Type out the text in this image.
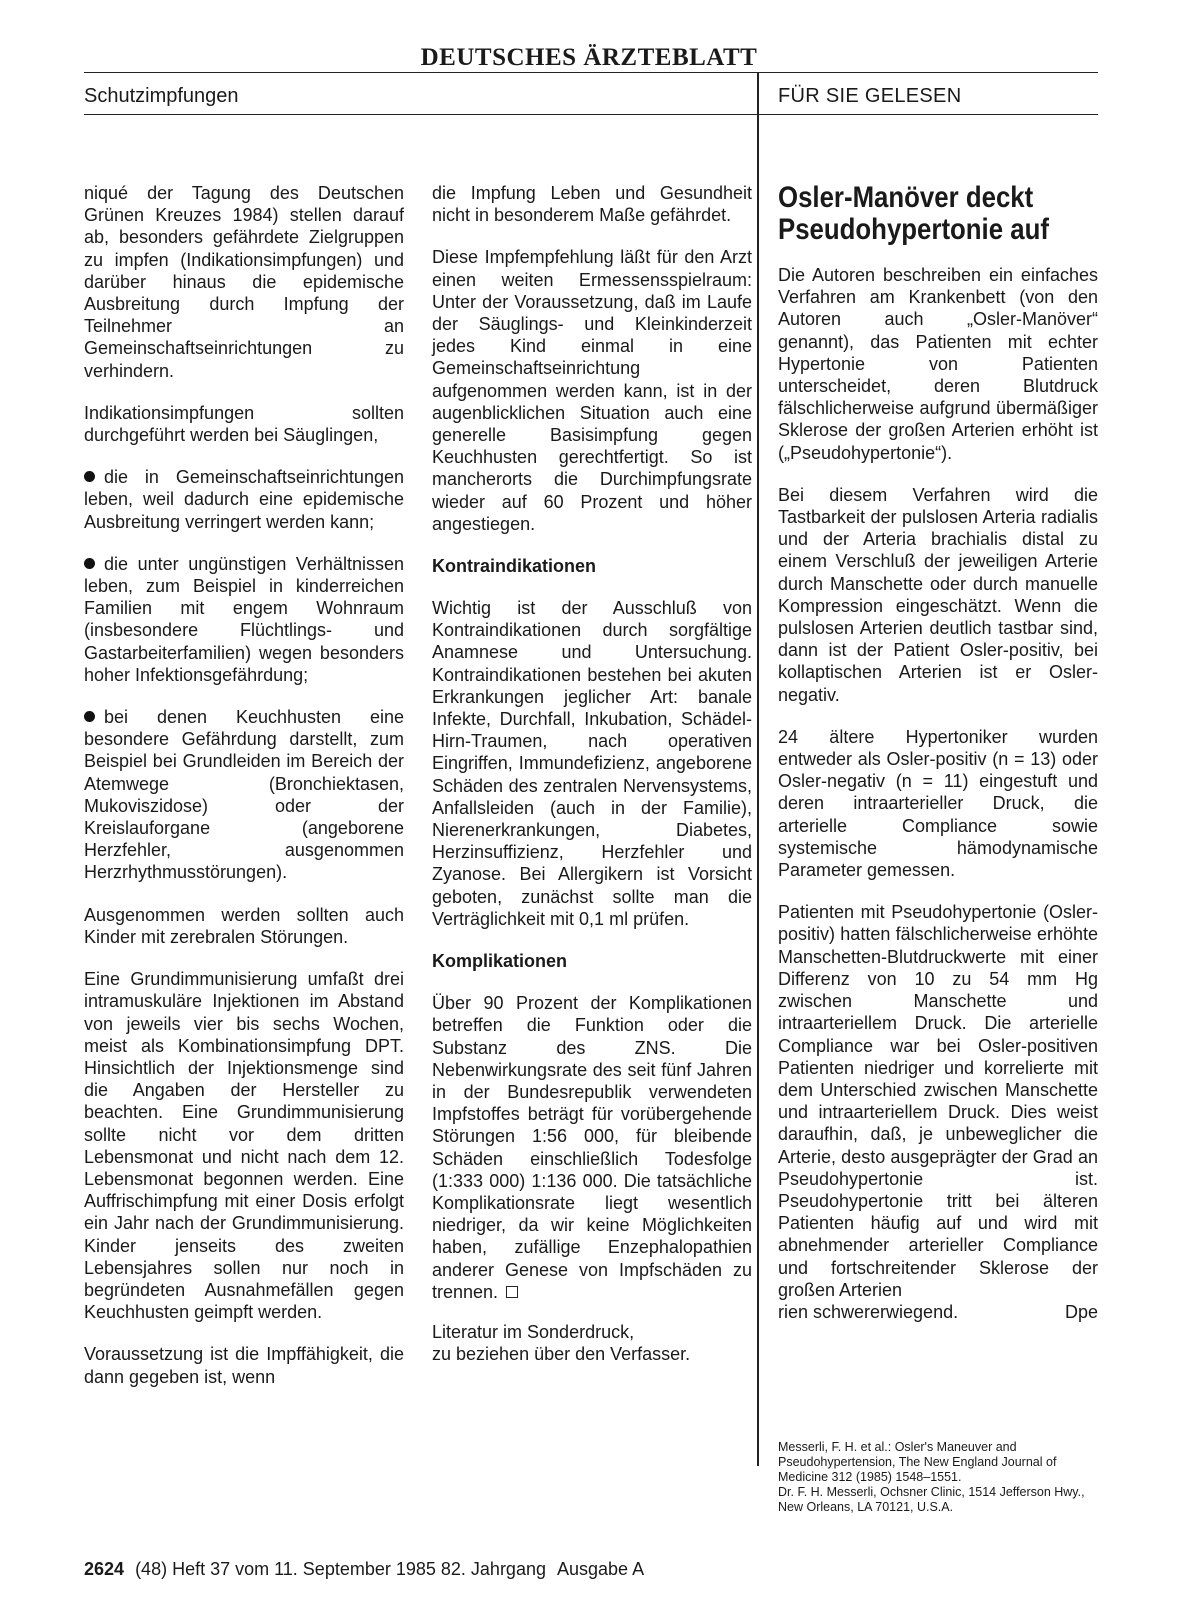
DEUTSCHES ÄRZTEBLATT
Schutzimpfungen	FÜR SIE GELESEN

niqué der Tagung des Deutschen Grünen Kreuzes 1984) stellen darauf ab, besonders gefährdete Zielgruppen zu impfen (Indikationsimpfungen) und darüber hinaus die epidemische Ausbreitung durch Impfung der Teilnehmer an Gemeinschaftseinrichtungen zu verhindern.

Indikationsimpfungen sollten durchgeführt werden bei Säuglingen,

die in Gemeinschaftseinrichtungen leben, weil dadurch eine epidemische Ausbreitung verringert werden kann;

die unter ungünstigen Verhältnissen leben, zum Beispiel in kinderreichen Familien mit engem Wohnraum (insbesondere Flüchtlings- und Gastarbeiterfamilien) wegen besonders hoher Infektionsgefährdung;

bei denen Keuchhusten eine besondere Gefährdung darstellt, zum Beispiel bei Grundleiden im Bereich der Atemwege (Bronchiektasen, Mukoviszidose) oder der Kreislauforgane (angeborene Herzfehler, ausgenommen Herzrhythmusstörungen).

Ausgenommen werden sollten auch Kinder mit zerebralen Störungen.

Eine Grundimmunisierung umfaßt drei intramuskuläre Injektionen im Abstand von jeweils vier bis sechs Wochen, meist als Kombinationsimpfung DPT. Hinsichtlich der Injektionsmenge sind die Angaben der Hersteller zu beachten. Eine Grundimmunisierung sollte nicht vor dem dritten Lebensmonat und nicht nach dem 12. Lebensmonat begonnen werden. Eine Auffrischimpfung mit einer Dosis erfolgt ein Jahr nach der Grundimmunisierung. Kinder jenseits des zweiten Lebensjahres sollen nur noch in begründeten Ausnahmefällen gegen Keuchhusten geimpft werden.

Voraussetzung ist die Impffähigkeit, die dann gegeben ist, wenn

die Impfung Leben und Gesundheit nicht in besonderem Maße gefährdet.

Diese Impfempfehlung läßt für den Arzt einen weiten Ermessensspielraum: Unter der Voraussetzung, daß im Laufe der Säuglings- und Kleinkinderzeit jedes Kind einmal in eine Gemeinschaftseinrichtung aufgenommen werden kann, ist in der augenblicklichen Situation auch eine generelle Basisimpfung gegen Keuchhusten gerechtfertigt. So ist mancherorts die Durchimpfungsrate wieder auf 60 Prozent und höher angestiegen.

Kontraindikationen

Wichtig ist der Ausschluß von Kontraindikationen durch sorgfältige Anamnese und Untersuchung. Kontraindikationen bestehen bei akuten Erkrankungen jeglicher Art: banale Infekte, Durchfall, Inkubation, Schädel-Hirn-Traumen, nach operativen Eingriffen, Immundefizienz, angeborene Schäden des zentralen Nervensystems, Anfallsleiden (auch in der Familie), Nierenerkrankungen, Diabetes, Herzinsuffizienz, Herzfehler und Zyanose. Bei Allergikern ist Vorsicht geboten, zunächst sollte man die Verträglichkeit mit 0,1 ml prüfen.

Komplikationen

Über 90 Prozent der Komplikationen betreffen die Funktion oder die Substanz des ZNS. Die Nebenwirkungsrate des seit fünf Jahren in der Bundesrepublik verwendeten Impfstoffes beträgt für vorübergehende Störungen 1:56 000, für bleibende Schäden einschließlich Todesfolge (1:333 000) 1:136 000. Die tatsächliche Komplikationsrate liegt wesentlich niedriger, da wir keine Möglichkeiten haben, zufällige Enzephalopathien anderer Genese von Impfschäden zu trennen.

Literatur im Sonderdruck,
zu beziehen über den Verfasser.
Osler-Manöver deckt
Pseudohypertonie auf

Die Autoren beschreiben ein einfaches Verfahren am Krankenbett (von den Autoren auch „Osler-Manöver“ genannt), das Patienten mit echter Hypertonie von Patienten unterscheidet, deren Blutdruck fälschlicherweise aufgrund übermäßiger Sklerose der großen Arterien erhöht ist („Pseudohypertonie“).

Bei diesem Verfahren wird die Tastbarkeit der pulslosen Arteria radialis und der Arteria brachialis distal zu einem Verschluß der jeweiligen Arterie durch Manschette oder durch manuelle Kompression eingeschätzt. Wenn die pulslosen Arterien deutlich tastbar sind, dann ist der Patient Osler-positiv, bei kollaptischen Arterien ist er Osler-negativ.

24 ältere Hypertoniker wurden entweder als Osler-positiv (n = 13) oder Osler-negativ (n = 11) eingestuft und deren intraarterieller Druck, die arterielle Compliance sowie systemische hämodynamische Parameter gemessen.

Patienten mit Pseudohypertonie (Osler-positiv) hatten fälschlicherweise erhöhte Manschetten-Blutdruckwerte mit einer Differenz von 10 zu 54 mm Hg zwischen Manschette und intraarteriellem Druck. Die arterielle Compliance war bei Osler-positiven Patienten niedriger und korrelierte mit dem Unterschied zwischen Manschette und intraarteriellem Druck. Dies weist daraufhin, daß, je unbeweglicher die Arterie, desto ausgeprägter der Grad an Pseudohypertonie ist. Pseudohypertonie tritt bei älteren Patienten häufig auf und wird mit abnehmender arterieller Compliance und fortschreitender Sklerose der großen Arterien

rien schwererwiegend.	Dpe
Messerli, F. H. et al.: Osler's Maneuver and Pseudohypertension, The New England Journal of Medicine 312 (1985) 1548–1551.
Dr. F. H. Messerli, Ochsner Clinic, 1514 Jefferson Hwy., New Orleans, LA 70121, U.S.A.
2624 (48) Heft 37 vom 11. September 1985 82. Jahrgang Ausgabe A
